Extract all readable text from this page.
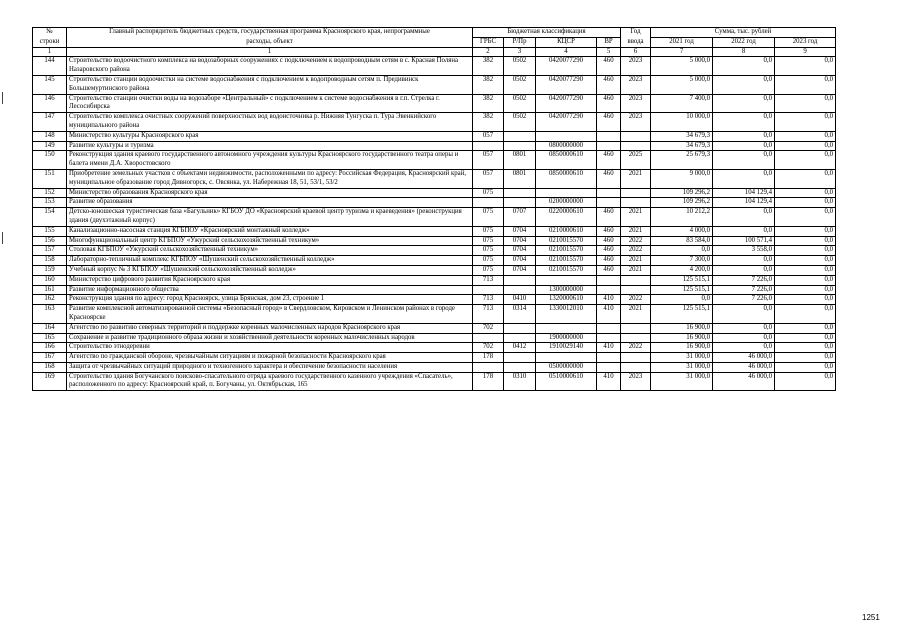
№	Главный распорядитель бюджетных средств, государственная программа Красноярского края, непрограммные	Бюджетная классификация				Год	Сумма, тыс. рублей		
строки	расходы, объект	ГРБС	Р/Пр	КЦСР	ВР	ввода	2021 год	2022 год	2023 год
1	1	2	3	4	5	6	7	8	9
144	Строительство водоочистного комплекса на водозаборных сооружениях с подключением к водопроводным сетям в с. Красная Поляна Назаровского района	382	0502	0420077290	460	2023	5 000,0	0,0	0,0
145	Строительство станции водоочистки на системе водоснабжения с подключением к водопроводным сетям п. Предивинск Большемуртинского района	382	0502	0420077290	460	2023	5 000,0	0,0	0,0
146	Строительство станции очистки воды на водозаборе «Центральный» с подключением к системе водоснабжения в г.п. Стрелка г. Лесосибирска	382	0502	0420077290	460	2023	7 400,0	0,0	0,0
147	Строительство комплекса очистных сооружений поверхностных вод водоисточника р. Нижняя Тунгуска п. Тура Эвенкийского муниципального района	382	0502	0420077290	460	2023	10 000,0	0,0	0,0
148	Министерство культуры Красноярского края	057					34 679,3	0,0	0,0
149	Развитие культуры и туризма			0800000000			34 679,3	0,0	0,0
150	Реконструкция здания краевого государственного автономного учреждения культуры Красноярского государственного театра оперы и балета имени Д.А. Хворостовского	057	0801	0850000610	460	2025	25 679,3	0,0	0,0
151	Приобретение земельных участков с объектами недвижимости, расположенными по адресу: Российская Федерация, Красноярский край, муниципальное образование город Дивногорск, с. Овсянка, ул. Набережная 18, 51, 53/1, 53/2	057	0801	0850000610	460	2021	9 000,0	0,0	0,0
152	Министерство образования Красноярского края	075					109 296,2	104 129,4	0,0
153	Развитие образования			0200000000			109 296,2	104 129,4	0,0
154	Детско-юношеская туристическая база «Багульник» КГБОУ ДО «Красноярский краевой центр туризма и краеведения» (реконструкция здания (двухэтажный корпус)	075	0707	0220000610	460	2021	10 212,2	0,0	0,0
155	Канализационно-насосная станция КГБПОУ «Красноярский монтажный колледж»	075	0704	0210000610	460	2021	4 000,0	0,0	0,0
156	Многофункциональный центр КГБПОУ «Ужурский сельскохозяйственный техникум»	075	0704	0210015570	460	2022	83 584,0	100 571,4	0,0
157	Столовая КГБПОУ «Ужурский сельскохозяйственный техникум»	075	0704	0210015570	460	2022	0,0	3 558,0	0,0
158	Лабораторно-тепличный комплекс КГБПОУ «Шушенский сельскохозяйственный колледж»	075	0704	0210015570	460	2021	7 300,0	0,0	0,0
159	Учебный корпус № 3 КГБПОУ «Шушенский сельскохозяйственный колледж»	075	0704	0210015570	460	2021	4 200,0	0,0	0,0
160	Министерство цифрового развития Красноярского края	713					125 515,1	7 226,0	0,0
161	Развитие информационного общества			1300000000			125 515,1	7 226,0	0,0
162	Реконструкция здания по адресу: город Красноярск, улица Брянская, дом 23, строение 1	713	0410	1320000610	410	2022	0,0	7 226,0	0,0
163	Развитие комплексной автоматизированной системы «Безопасный город» в Свердловском, Кировском и Ленинском районах в городе Красноярске	713	0314	1330012010	410	2021	125 515,1	0,0	0,0
164	Агентство по развитию северных территорий и поддержке коренных малочисленных народов Красноярского края	702					16 900,0	0,0	0,0
165	Сохранение и развитие традиционного образа жизни и хозяйственной деятельности коренных малочисленных народов			1900000000			16 900,0	0,0	0,0
166	Строительство этнодеревни	702	0412	1910029140	410	2022	16 900,0	0,0	0,0
167	Агентство по гражданской обороне, чрезвычайным ситуациям и пожарной безопасности Красноярского края	178					31 000,0	46 000,0	0,0
168	Защита от чрезвычайных ситуаций природного и техногенного характера и обеспечение безопасности населения			0500000000			31 000,0	46 000,0	0,0
169	Строительство здания Богучанского поисково-спасательного отряда краевого государственного казенного учреждения «Спасатель», расположенного по адресу: Красноярский край, п. Богучаны, ул. Октябрьская, 165	178	0310	0510000610	410	2023	31 000,0	46 000,0	0,0
1251
